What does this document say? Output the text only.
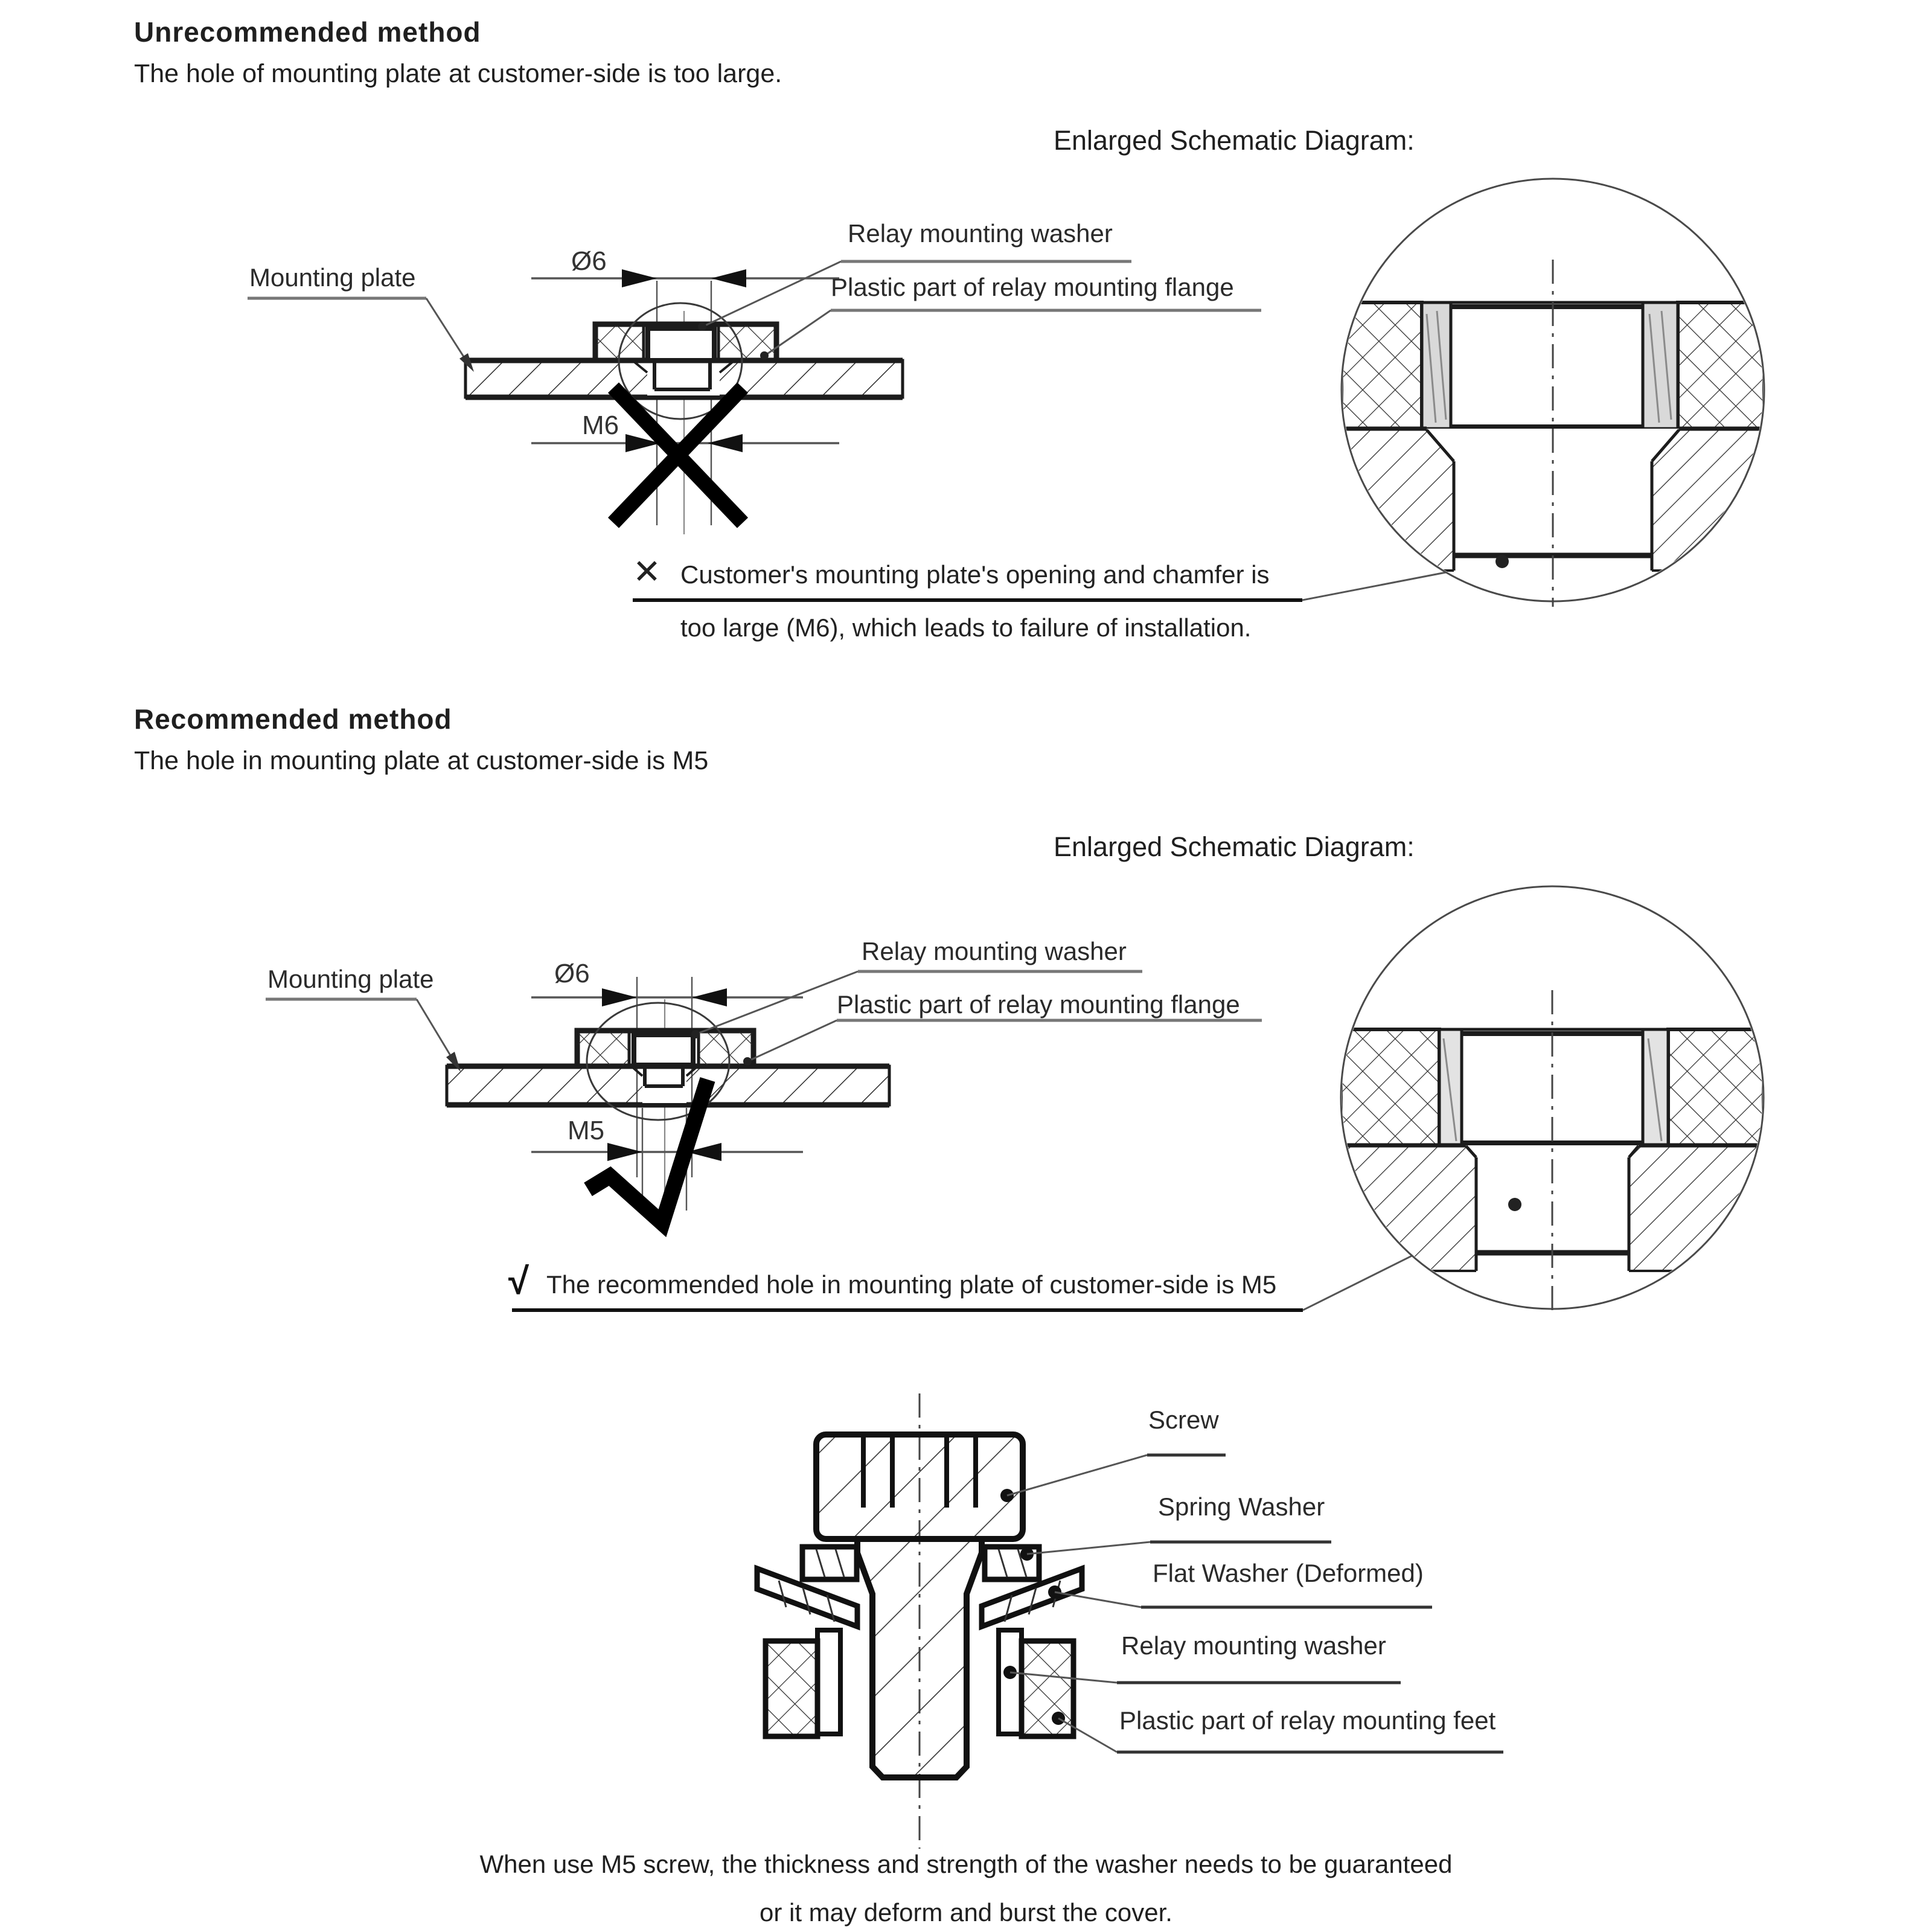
Unrecommended method
The hole of mounting plate at customer-side is too large.
Enlarged Schematic Diagram:
Mounting plate
Ø6
Relay mounting washer
Plastic part of relay mounting flange
M6
✕ Customer's mounting plate's opening and chamfer is
too large (M6), which leads to failure of installation.
Recommended method
The hole in mounting plate at customer-side is M5
Enlarged Schematic Diagram:
Mounting plate	Ø6
Relay mounting washer
Plastic part of relay mounting flange
M5
√ The recommended hole in mounting plate of customer-side is M5
Screw
Spring Washer
Flat Washer (Deformed)
Relay mounting washer
Plastic part of relay mounting feet
When use M5 screw, the thickness and strength of the washer needs to be guaranteed
or it may deform and burst the cover.
